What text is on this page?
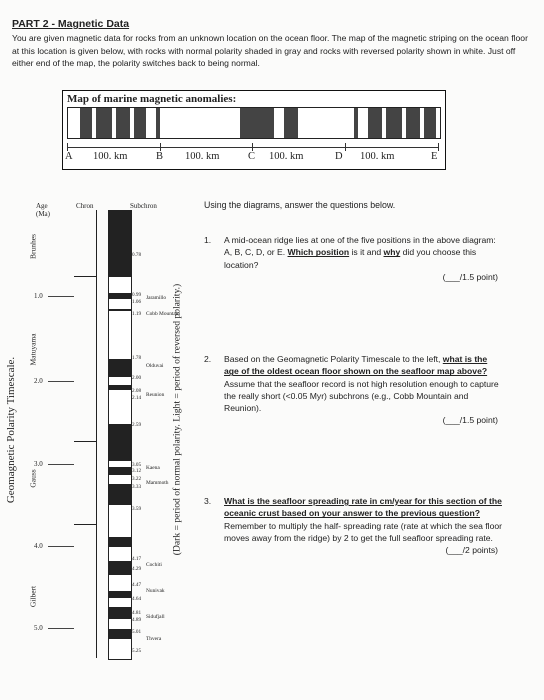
PART 2 - Magnetic Data
You are given magnetic data for rocks from an unknown location on the ocean floor. The map of the magnetic striping on the ocean floor at this location is given below, with rocks with normal polarity shaded in gray and rocks with reversed polarity shown in white. Just off either end of the map, the polarity switches back to being normal.
Map of marine magnetic anomalies:
A 100. km	B 100. km	C 100. km	D 100. km	E
Geomagnetic Polarity Timescale.
Age (Ma)
Chron	Subchron
Brunhes
Matuyama
Gauss
Gilbert
1.0
2.0
3.0
4.0
5.0
0.78
0.99
1.06
Jaramillo
1.19 Cobb Mountain
1.78
Olduvai
2.00
2.08
2.14 Reunion
2.59
3.05
3.12 Kaena
3.22
Mammoth
3.33
3.59
4.17
Cochiti
4.29
4.47
Nunivak
4.64
4.81
4.89 Sidufjall
5.01
Thvera
5.25
(Dark = period of normal polarity. Light = period of reversed polarity.)
Using the diagrams, answer the questions below.
1. A mid-ocean ridge lies at one of the five positions in the above diagram: A, B, C, D, or E. Which position is it and why did you choose this location?
(___/1.5 point)
2. Based on the Geomagnetic Polarity Timescale to the left, what is the age of the oldest ocean floor shown on the seafloor map above? Assume that the seafloor record is not high resolution enough to capture the really short (<0.05 Myr) subchrons (e.g., Cobb Mountain and Reunion).
(___/1.5 point)
3. What is the seafloor spreading rate in cm/year for this section of the oceanic crust based on your answer to the previous question? Remember to multiply the half- spreading rate (rate at which the sea floor moves away from the ridge) by 2 to get the full seafloor spreading rate.
(___/2 points)
